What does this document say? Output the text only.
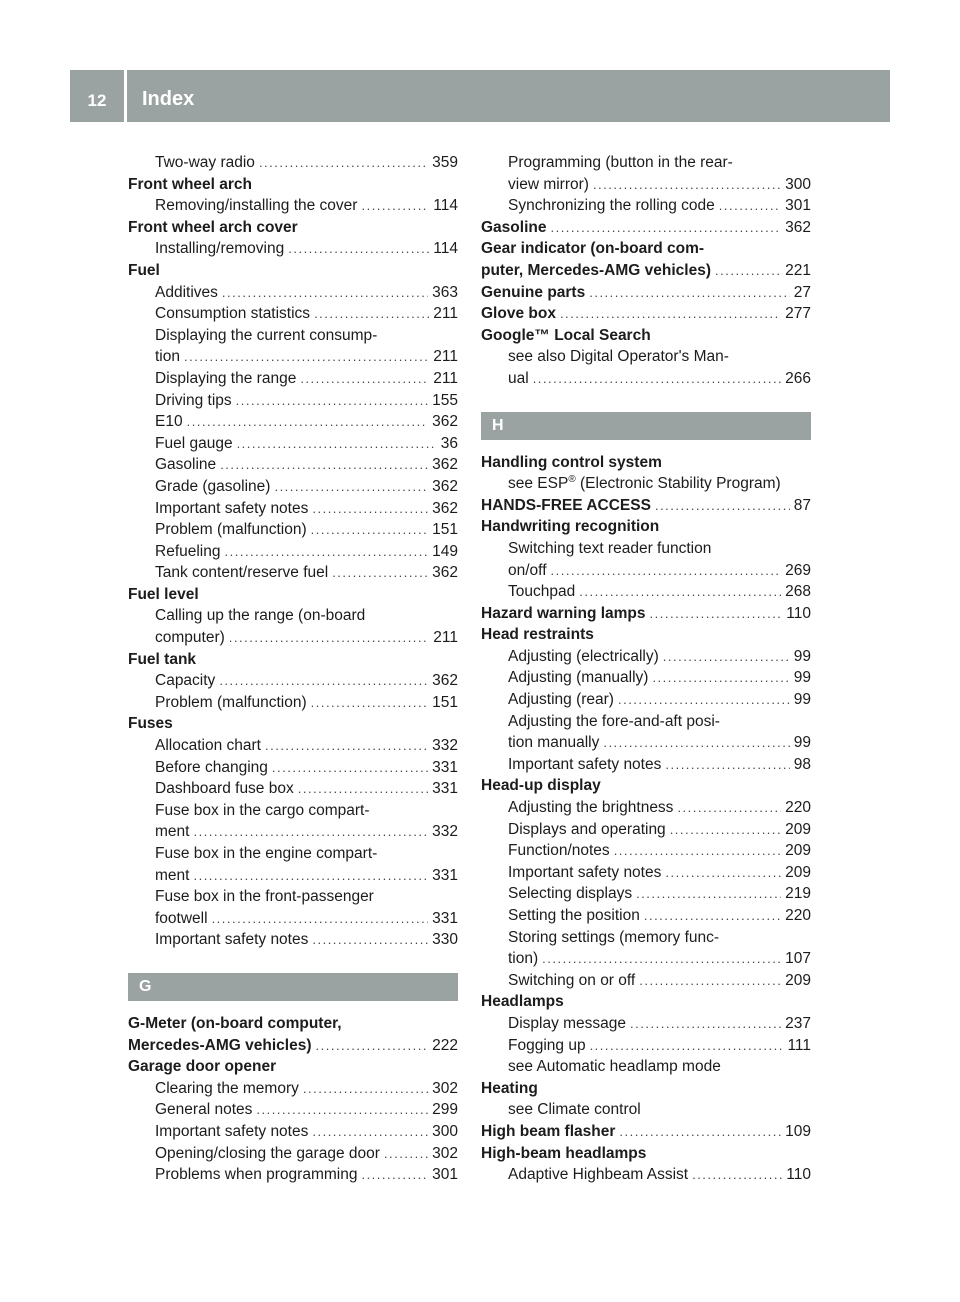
12	Index
Two-way radio .....	359
Front wheel arch
Removing/installing the cover .....	114
Front wheel arch cover
Installing/removing .....	114
Fuel
Additives .....	363
Consumption statistics .....	211
Displaying the current consump-
tion .....	211
Displaying the range .....	211
Driving tips .....	155
E10 .....	362
Fuel gauge .....	36
Gasoline .....	362
Grade (gasoline) .....	362
Important safety notes .....	362
Problem (malfunction) .....	151
Refueling .....	149
Tank content/reserve fuel .....	362
Fuel level
Calling up the range (on-board
computer) .....	211
Fuel tank
Capacity .....	362
Problem (malfunction) .....	151
Fuses
Allocation chart .....	332
Before changing .....	331
Dashboard fuse box .....	331
Fuse box in the cargo compart-
ment .....	332
Fuse box in the engine compart-
ment .....	331
Fuse box in the front-passenger
footwell .....	331
Important safety notes .....	330
G
G-Meter (on-board computer,
Mercedes-AMG vehicles) .....	222
Garage door opener
Clearing the memory .....	302
General notes .....	299
Important safety notes .....	300
Opening/closing the garage door .....	302
Problems when programming .....	301
Programming (button in the rear-
view mirror) .....	300
Synchronizing the rolling code .....	301
Gasoline .....	362
Gear indicator (on-board com-
puter, Mercedes-AMG vehicles) .....	221
Genuine parts .....	27
Glove box .....	277
Google™ Local Search
see also Digital Operator's Man-
ual .....	266
H
Handling control system
see ESP® (Electronic Stability Program)
HANDS-FREE ACCESS .....	87
Handwriting recognition
Switching text reader function
on/off .....	269
Touchpad .....	268
Hazard warning lamps .....	110
Head restraints
Adjusting (electrically) .....	99
Adjusting (manually) .....	99
Adjusting (rear) .....	99
Adjusting the fore-and-aft posi-
tion manually .....	99
Important safety notes .....	98
Head-up display
Adjusting the brightness .....	220
Displays and operating .....	209
Function/notes .....	209
Important safety notes .....	209
Selecting displays .....	219
Setting the position .....	220
Storing settings (memory func-
tion) .....	107
Switching on or off .....	209
Headlamps
Display message .....	237
Fogging up .....	111
see Automatic headlamp mode
Heating
see Climate control
High beam flasher .....	109
High-beam headlamps
Adaptive Highbeam Assist .....	110
